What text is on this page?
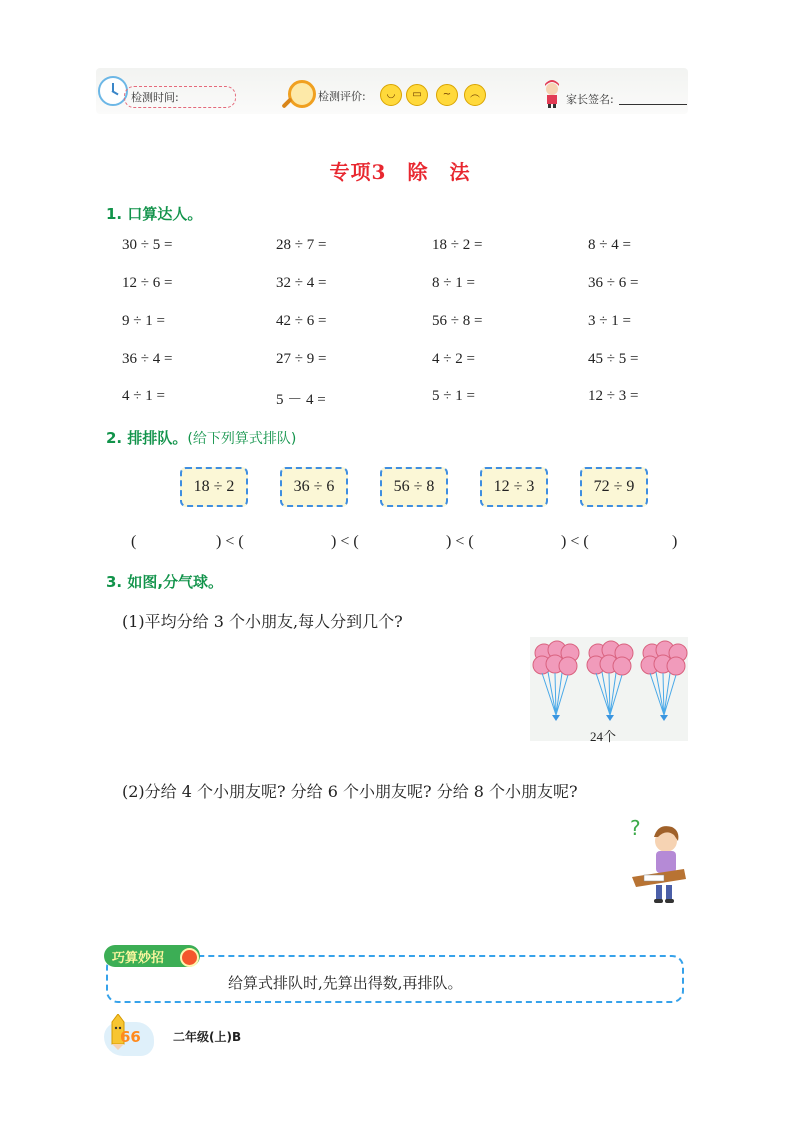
检测时间:	检测评价:	◡	▭	~	︵	家长签名:
专项3　除　法
1. 口算达人。
30 ÷ 5 =	28 ÷ 7 =	18 ÷ 2 =	8 ÷ 4 =
12 ÷ 6 =	32 ÷ 4 =	8 ÷ 1 =	36 ÷ 6 =
9 ÷ 1 =	42 ÷ 6 =	56 ÷ 8 =	3 ÷ 1 =
36 ÷ 4 =	27 ÷ 9 =	4 ÷ 2 =	45 ÷ 5 =
4 ÷ 1 =	5 － 4 =	5 ÷ 1 =	12 ÷ 3 =
2. 排排队。(给下列算式排队)
18 ÷ 2	36 ÷ 6	56 ÷ 8	12 ÷ 3	72 ÷ 9
(	) < (	) < (	) < (	) < (	)
3. 如图,分气球。
(1)平均分给 3 个小朋友,每人分到几个?
24个
(2)分给 4 个小朋友呢? 分给 6 个小朋友呢? 分给 8 个小朋友呢?
?
巧算妙招
给算式排队时,先算出得数,再排队。
66	二年级(上)B
